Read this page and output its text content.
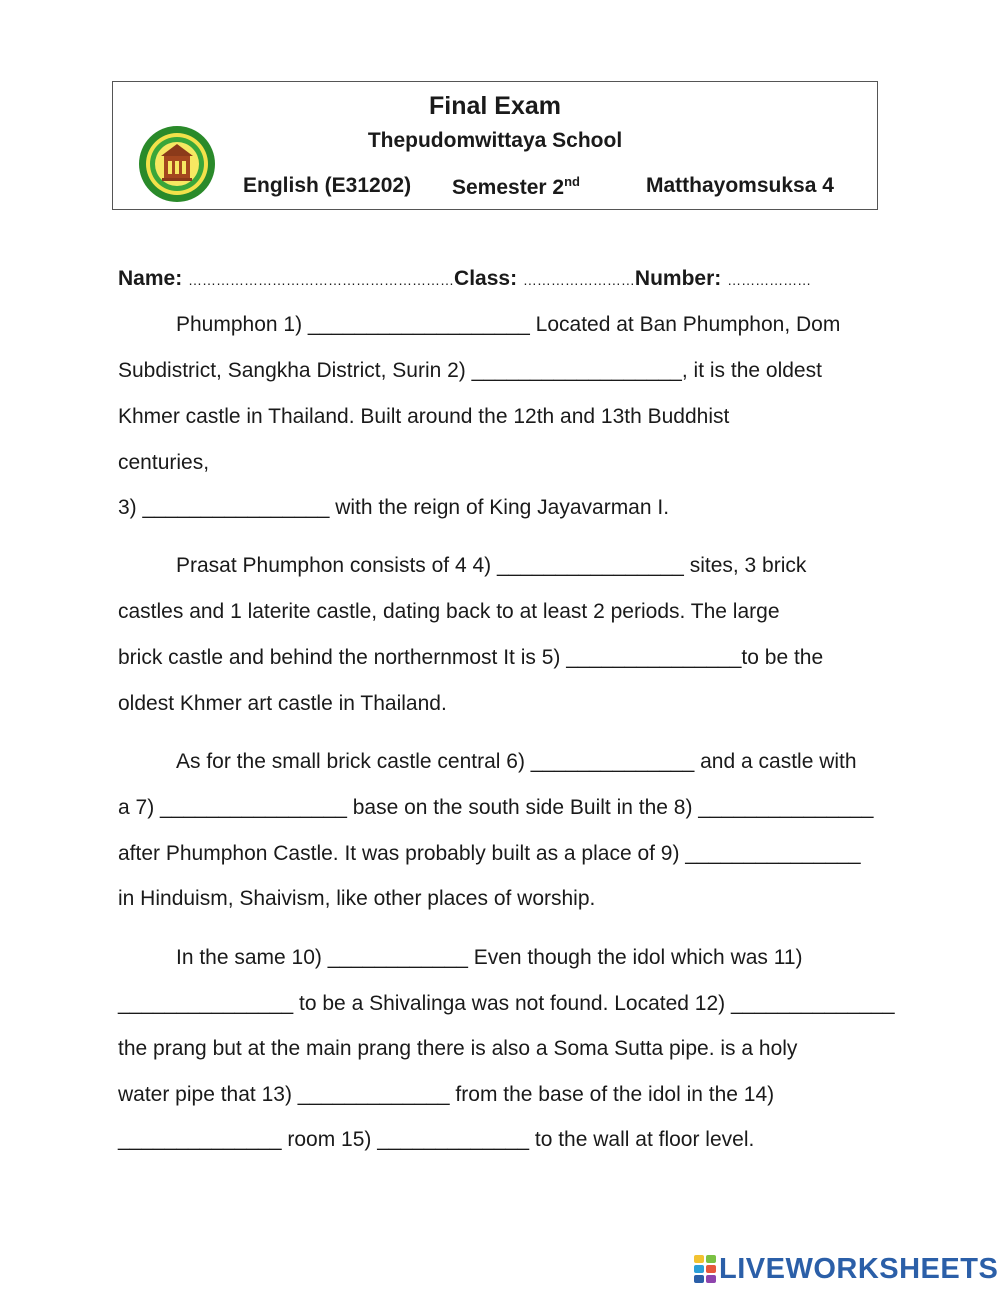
Final Exam
Thepudomwittaya School
English (E31202) Semester 2nd	Matthayomsuksa 4
Name: …………………………………………………Class: ……………………Number: ………………
Phumphon 1) ___________________ Located at Ban Phumphon, Dom
Subdistrict, Sangkha District, Surin 2) __________________, it is the oldest
Khmer castle in Thailand. Built around the 12th and 13th Buddhist
centuries,
3) ________________ with the reign of King Jayavarman I.
Prasat Phumphon consists of 4 4) ________________ sites, 3 brick
castles and 1 laterite castle, dating back to at least 2 periods. The large
brick castle and behind the northernmost It is 5) _______________to be the
oldest Khmer art castle in Thailand.
As for the small brick castle central 6) ______________ and a castle with
a 7) ________________ base on the south side Built in the 8) _______________
after Phumphon Castle. It was probably built as a place of 9) _______________
in Hinduism, Shaivism, like other places of worship.
In the same 10) ____________ Even though the idol which was 11)
_______________ to be a Shivalinga was not found. Located 12) ______________
the prang but at the main prang there is also a Soma Sutta pipe. is a holy
water pipe that 13) _____________ from the base of the idol in the 14)
______________ room 15) _____________ to the wall at floor level.
LIVEWORKSHEETS
